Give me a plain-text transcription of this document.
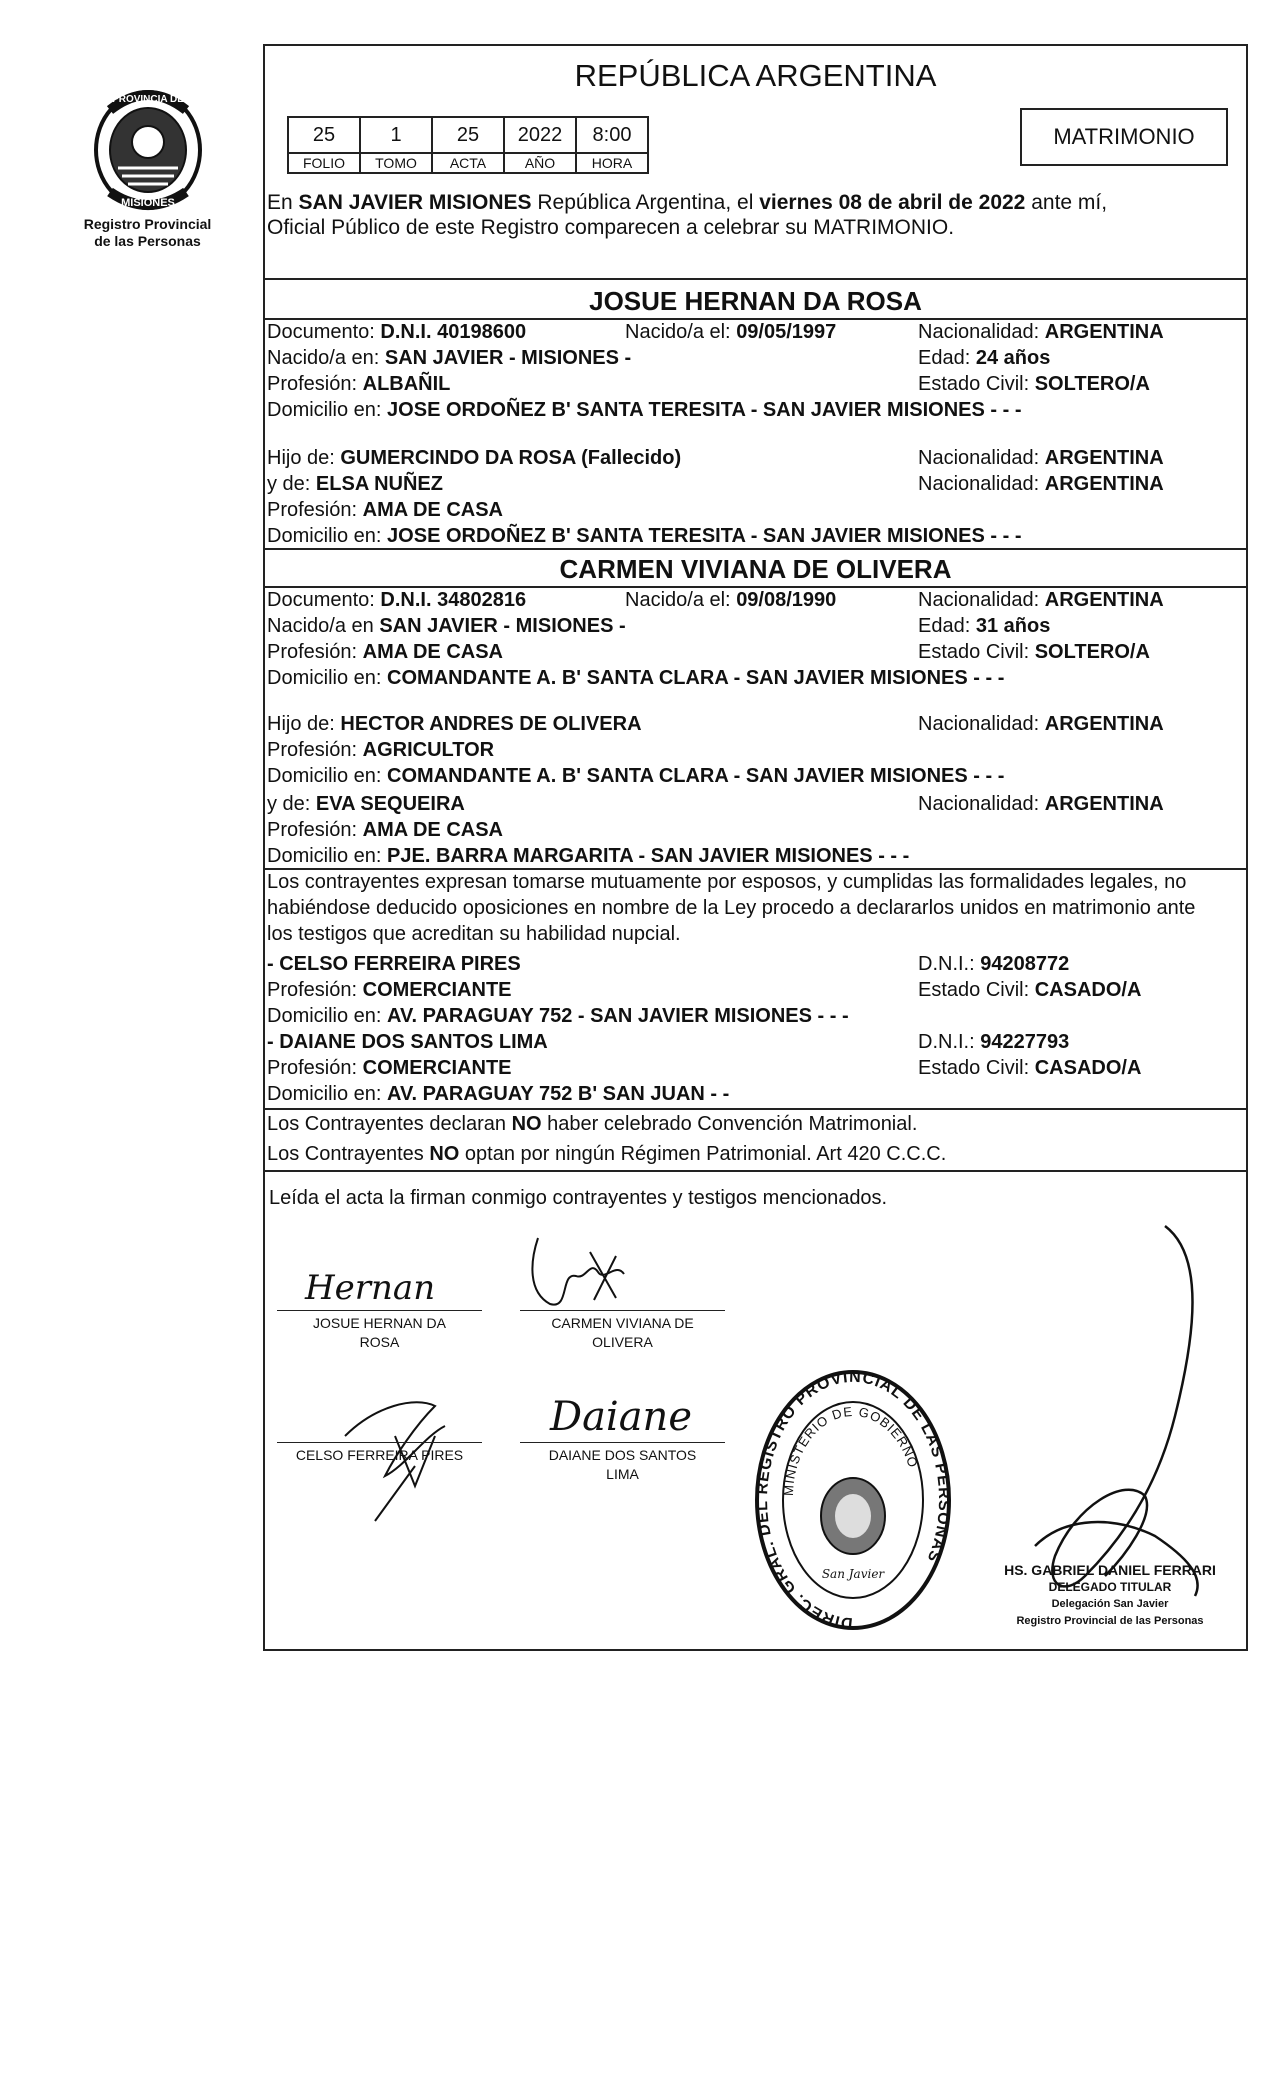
PROVINCIA DE
MISIONES
Registro Provincial
de las Personas
REPÚBLICA ARGENTINA
25	1	25	2022	8:00
FOLIO	TOMO	ACTA	AÑO	HORA
MATRIMONIO
En SAN JAVIER MISIONES República Argentina, el viernes 08 de abril de 2022 ante mí,
Oficial Público de este Registro comparecen a celebrar su MATRIMONIO.
JOSUE HERNAN DA ROSA
Documento: D.N.I. 40198600	Nacido/a el: 09/05/1997	Nacionalidad: ARGENTINA
Nacido/a en: SAN JAVIER - MISIONES -	Edad: 24 años
Profesión: ALBAÑIL	Estado Civil: SOLTERO/A
Domicilio en: JOSE ORDOÑEZ B' SANTA TERESITA - SAN JAVIER MISIONES - - -
Hijo de: GUMERCINDO DA ROSA (Fallecido)	Nacionalidad: ARGENTINA
y de: ELSA NUÑEZ	Nacionalidad: ARGENTINA
Profesión: AMA DE CASA
Domicilio en: JOSE ORDOÑEZ B' SANTA TERESITA - SAN JAVIER MISIONES - - -
CARMEN VIVIANA DE OLIVERA
Documento: D.N.I. 34802816	Nacido/a el: 09/08/1990	Nacionalidad: ARGENTINA
Nacido/a en SAN JAVIER - MISIONES -	Edad: 31 años
Profesión: AMA DE CASA	Estado Civil: SOLTERO/A
Domicilio en: COMANDANTE A. B' SANTA CLARA - SAN JAVIER MISIONES - - -
Hijo de: HECTOR ANDRES DE OLIVERA	Nacionalidad: ARGENTINA
Profesión: AGRICULTOR
Domicilio en: COMANDANTE A. B' SANTA CLARA - SAN JAVIER MISIONES - - -
y de: EVA SEQUEIRA	Nacionalidad: ARGENTINA
Profesión: AMA DE CASA
Domicilio en: PJE. BARRA MARGARITA - SAN JAVIER MISIONES - - -
Los contrayentes expresan tomarse mutuamente por esposos, y cumplidas las formalidades legales, no
habiéndose deducido oposiciones en nombre de la Ley procedo a declararlos unidos en matrimonio ante
los testigos que acreditan su habilidad nupcial.
- CELSO FERREIRA PIRES	D.N.I.: 94208772
Profesión: COMERCIANTE	Estado Civil: CASADO/A
Domicilio en: AV. PARAGUAY 752 - SAN JAVIER MISIONES - - -
- DAIANE DOS SANTOS LIMA	D.N.I.: 94227793
Profesión: COMERCIANTE	Estado Civil: CASADO/A
Domicilio en: AV. PARAGUAY 752 B' SAN JUAN - -
Los Contrayentes declaran NO haber celebrado Convención Matrimonial.
Los Contrayentes NO optan por ningún Régimen Patrimonial. Art 420 C.C.C.
Leída el acta la firman conmigo contrayentes y testigos mencionados.
Hernan
JOSUE HERNAN DA
ROSA
CARMEN VIVIANA DE
OLIVERA
CELSO FERREIRA PIRES
Daiane
DAIANE DOS SANTOS
LIMA
DIREC. GRAL. DEL REGISTRO PROVINCIAL DE LAS PERSONAS
MINISTERIO DE GOBIERNO
San Javier	HS. GABRIEL DANIEL FERRARI
DELEGADO TITULAR
Delegación San Javier
Registro Provincial de las Personas
